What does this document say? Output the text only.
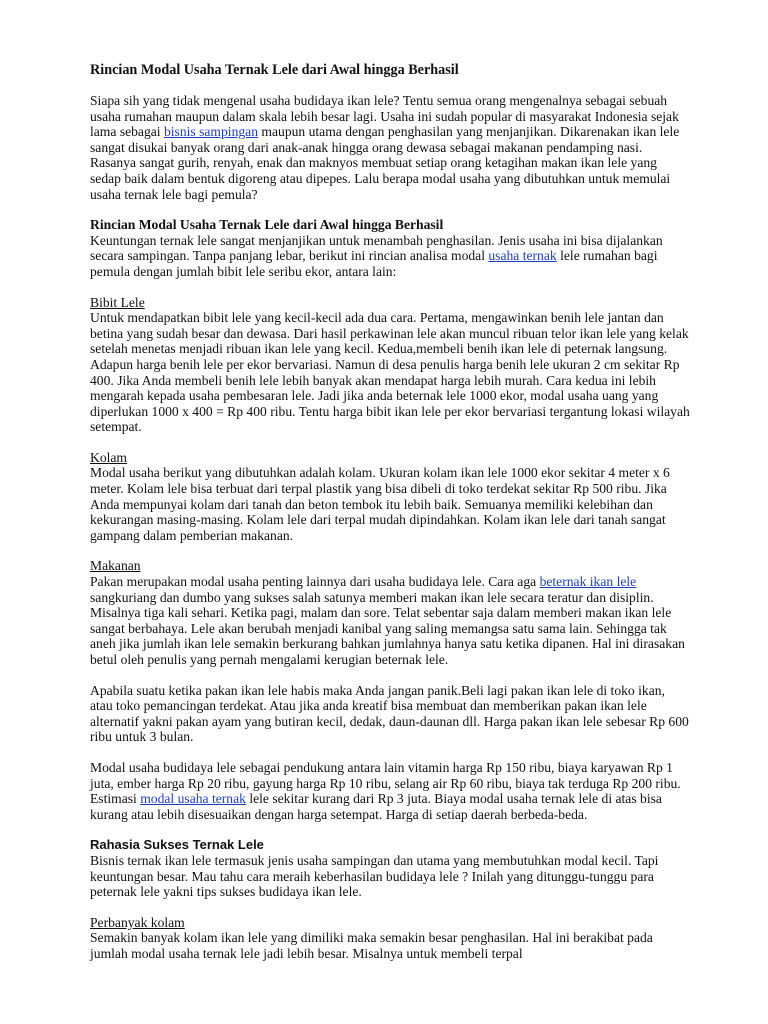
Rincian Modal Usaha Ternak Lele dari Awal hingga Berhasil

Siapa sih yang tidak mengenal usaha budidaya ikan lele? Tentu semua orang mengenalnya sebagai sebuah usaha rumahan maupun dalam skala lebih besar lagi. Usaha ini sudah popular di masyarakat Indonesia sejak lama sebagai bisnis sampingan maupun utama dengan penghasilan yang menjanjikan. Dikarenakan ikan lele sangat disukai banyak orang dari anak-anak hingga orang dewasa sebagai makanan pendamping nasi. Rasanya sangat gurih, renyah, enak dan maknyos membuat setiap orang ketagihan makan ikan lele yang sedap baik dalam bentuk digoreng atau dipepes. Lalu berapa modal usaha yang dibutuhkan untuk memulai usaha ternak lele bagi pemula?

Rincian Modal Usaha Ternak Lele dari Awal hingga Berhasil
Keuntungan ternak lele sangat menjanjikan untuk menambah penghasilan. Jenis usaha ini bisa dijalankan secara sampingan. Tanpa panjang lebar, berikut ini rincian analisa modal usaha ternak lele rumahan bagi pemula dengan jumlah bibit lele seribu ekor, antara lain:

Bibit Lele
Untuk mendapatkan bibit lele yang kecil-kecil ada dua cara. Pertama, mengawinkan benih lele jantan dan betina yang sudah besar dan dewasa. Dari hasil perkawinan lele akan muncul ribuan telor ikan lele yang kelak setelah menetas menjadi ribuan ikan lele yang kecil. Kedua,membeli benih ikan lele di peternak langsung. Adapun harga benih lele per ekor bervariasi. Namun di desa penulis harga benih lele ukuran 2 cm sekitar Rp 400. Jika Anda membeli benih lele lebih banyak akan mendapat harga lebih murah. Cara kedua ini lebih mengarah kepada usaha pembesaran lele. Jadi jika anda beternak lele 1000 ekor, modal usaha uang yang diperlukan 1000 x 400 = Rp 400 ribu. Tentu harga bibit ikan lele per ekor bervariasi tergantung lokasi wilayah setempat.

Kolam
Modal usaha berikut yang dibutuhkan adalah kolam. Ukuran kolam ikan lele 1000 ekor sekitar 4 meter x 6 meter. Kolam lele bisa terbuat dari terpal plastik yang bisa dibeli di toko terdekat sekitar Rp 500 ribu. Jika Anda mempunyai kolam dari tanah dan beton tembok itu lebih baik. Semuanya memiliki kelebihan dan kekurangan masing-masing. Kolam lele dari terpal mudah dipindahkan. Kolam ikan lele dari tanah sangat gampang dalam pemberian makanan.

Makanan
Pakan merupakan modal usaha penting lainnya dari usaha budidaya lele. Cara aga beternak ikan lele sangkuriang dan dumbo yang sukses salah satunya memberi makan ikan lele secara teratur dan disiplin. Misalnya tiga kali sehari. Ketika pagi, malam dan sore. Telat sebentar saja dalam memberi makan ikan lele sangat berbahaya. Lele akan berubah menjadi kanibal yang saling memangsa satu sama lain. Sehingga tak aneh jika jumlah ikan lele semakin berkurang bahkan jumlahnya hanya satu ketika dipanen. Hal ini dirasakan betul oleh penulis yang pernah mengalami kerugian beternak lele.

Apabila suatu ketika pakan ikan lele habis maka Anda jangan panik.Beli lagi pakan ikan lele di toko ikan, atau toko pemancingan terdekat. Atau jika anda kreatif bisa membuat dan memberikan pakan ikan lele alternatif yakni pakan ayam yang butiran kecil, dedak, daun-daunan dll. Harga pakan ikan lele sebesar Rp 600 ribu untuk 3 bulan.

Modal usaha budidaya lele sebagai pendukung antara lain vitamin harga Rp 150 ribu, biaya karyawan Rp 1 juta, ember harga Rp 20 ribu, gayung harga Rp 10 ribu, selang air Rp 60 ribu, biaya tak terduga Rp 200 ribu. Estimasi modal usaha ternak lele sekitar kurang dari Rp 3 juta. Biaya modal usaha ternak lele di atas bisa kurang atau lebih disesuaikan dengan harga setempat. Harga di setiap daerah berbeda-beda.

Rahasia Sukses Ternak Lele
Bisnis ternak ikan lele termasuk jenis usaha sampingan dan utama yang membutuhkan modal kecil. Tapi keuntungan besar. Mau tahu cara meraih keberhasilan budidaya lele ? Inilah yang ditunggu-tunggu para peternak lele yakni tips sukses budidaya ikan lele.

Perbanyak kolam
Semakin banyak kolam ikan lele yang dimiliki maka semakin besar penghasilan. Hal ini berakibat pada jumlah modal usaha ternak lele jadi lebih besar. Misalnya untuk membeli terpal
